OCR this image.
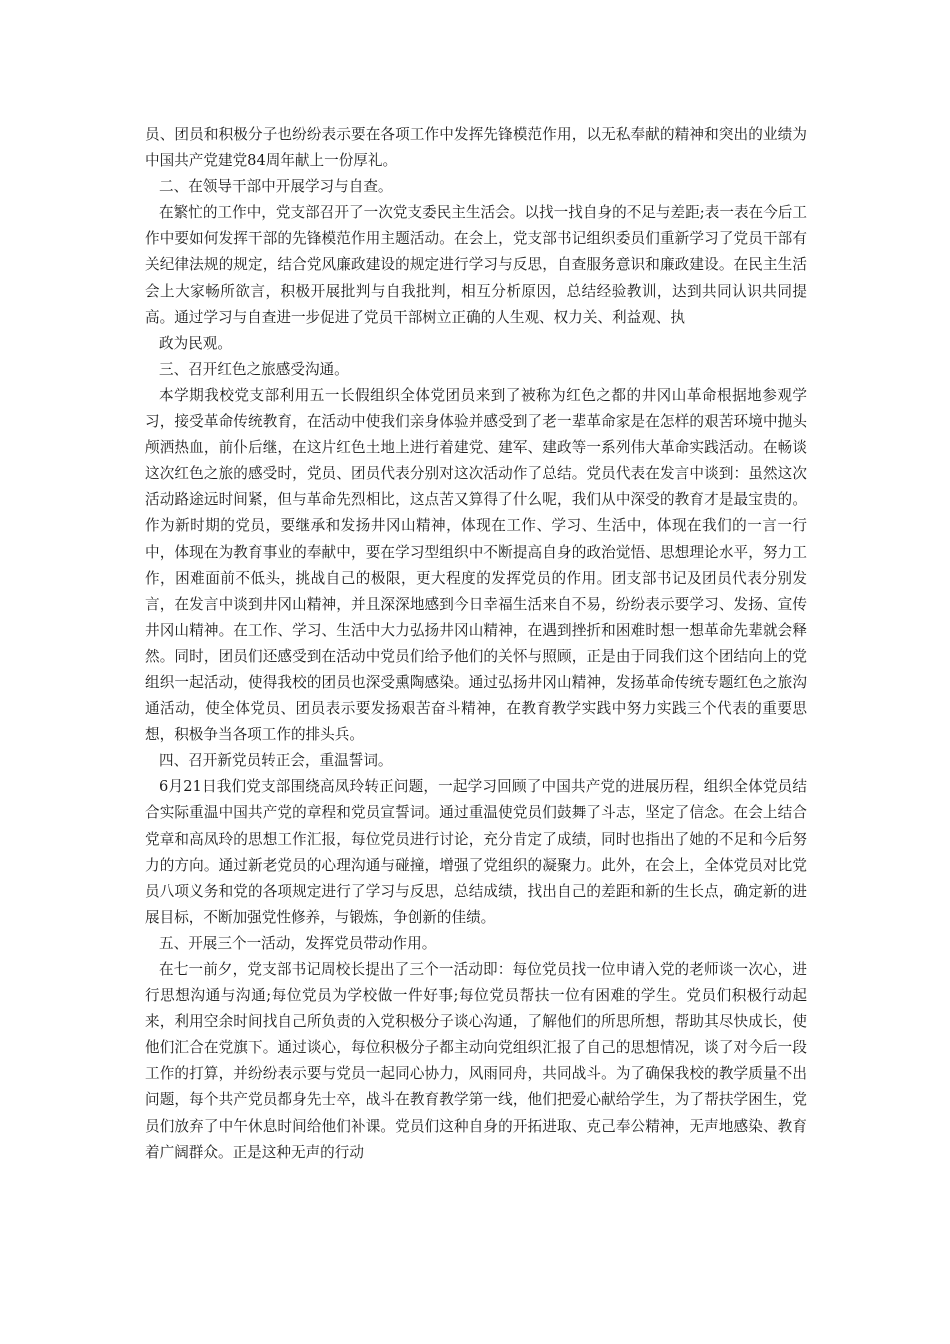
员、团员和积极分子也纷纷表示要在各项工作中发挥先锋模范作用，以无私奉献的精神和突出的业绩为中国共产党建党84周年献上一份厚礼。

二、在领导干部中开展学习与自查。

在繁忙的工作中，党支部召开了一次党支委民主生活会。以找一找自身的不足与差距;表一表在今后工作中要如何发挥干部的先锋模范作用主题活动。在会上，党支部书记组织委员们重新学习了党员干部有关纪律法规的规定，结合党风廉政建设的规定进行学习与反思，自查服务意识和廉政建设。在民主生活会上大家畅所欲言，积极开展批判与自我批判，相互分析原因，总结经验教训，达到共同认识共同提高。通过学习与自查进一步促进了党员干部树立正确的人生观、权力关、利益观、执

政为民观。

三、召开红色之旅感受沟通。

本学期我校党支部利用五一长假组织全体党团员来到了被称为红色之都的井冈山革命根据地参观学习，接受革命传统教育，在活动中使我们亲身体验并感受到了老一辈革命家是在怎样的艰苦环境中抛头颅洒热血，前仆后继，在这片红色土地上进行着建党、建军、建政等一系列伟大革命实践活动。在畅谈这次红色之旅的感受时，党员、团员代表分别对这次活动作了总结。党员代表在发言中谈到：虽然这次活动路途远时间紧，但与革命先烈相比，这点苦又算得了什么呢，我们从中深受的教育才是最宝贵的。作为新时期的党员，要继承和发扬井冈山精神，体现在工作、学习、生活中，体现在我们的一言一行中，体现在为教育事业的奉献中，要在学习型组织中不断提高自身的政治觉悟、思想理论水平，努力工作，困难面前不低头，挑战自己的极限，更大程度的发挥党员的作用。团支部书记及团员代表分别发言，在发言中谈到井冈山精神，并且深深地感到今日幸福生活来自不易，纷纷表示要学习、发扬、宣传井冈山精神。在工作、学习、生活中大力弘扬井冈山精神，在遇到挫折和困难时想一想革命先辈就会释然。同时，团员们还感受到在活动中党员们给予他们的关怀与照顾，正是由于同我们这个团结向上的党组织一起活动，使得我校的团员也深受熏陶感染。通过弘扬井冈山精神，发扬革命传统专题红色之旅沟通活动，使全体党员、团员表示要发扬艰苦奋斗精神，在教育教学实践中努力实践三个代表的重要思想，积极争当各项工作的排头兵。

四、召开新党员转正会，重温誓词。

6月21日我们党支部围绕高凤玲转正问题，一起学习回顾了中国共产党的进展历程，组织全体党员结合实际重温中国共产党的章程和党员宣誓词。通过重温使党员们鼓舞了斗志，坚定了信念。在会上结合党章和高凤玲的思想工作汇报，每位党员进行讨论，充分肯定了成绩，同时也指出了她的不足和今后努力的方向。通过新老党员的心理沟通与碰撞，增强了党组织的凝聚力。此外，在会上，全体党员对比党员八项义务和党的各项规定进行了学习与反思，总结成绩，找出自己的差距和新的生长点，确定新的进展目标，不断加强党性修养，与锻炼，争创新的佳绩。

五、开展三个一活动，发挥党员带动作用。

在七一前夕，党支部书记周校长提出了三个一活动即：每位党员找一位申请入党的老师谈一次心，进行思想沟通与沟通;每位党员为学校做一件好事;每位党员帮扶一位有困难的学生。党员们积极行动起来，利用空余时间找自己所负责的入党积极分子谈心沟通，了解他们的所思所想，帮助其尽快成长，使他们汇合在党旗下。通过谈心，每位积极分子都主动向党组织汇报了自己的思想情况，谈了对今后一段工作的打算，并纷纷表示要与党员一起同心协力，风雨同舟，共同战斗。为了确保我校的教学质量不出问题，每个共产党员都身先士卒，战斗在教育教学第一线，他们把爱心献给学生，为了帮扶学困生，党员们放弃了中午休息时间给他们补课。党员们这种自身的开拓进取、克己奉公精神，无声地感染、教育着广阔群众。正是这种无声的行动
